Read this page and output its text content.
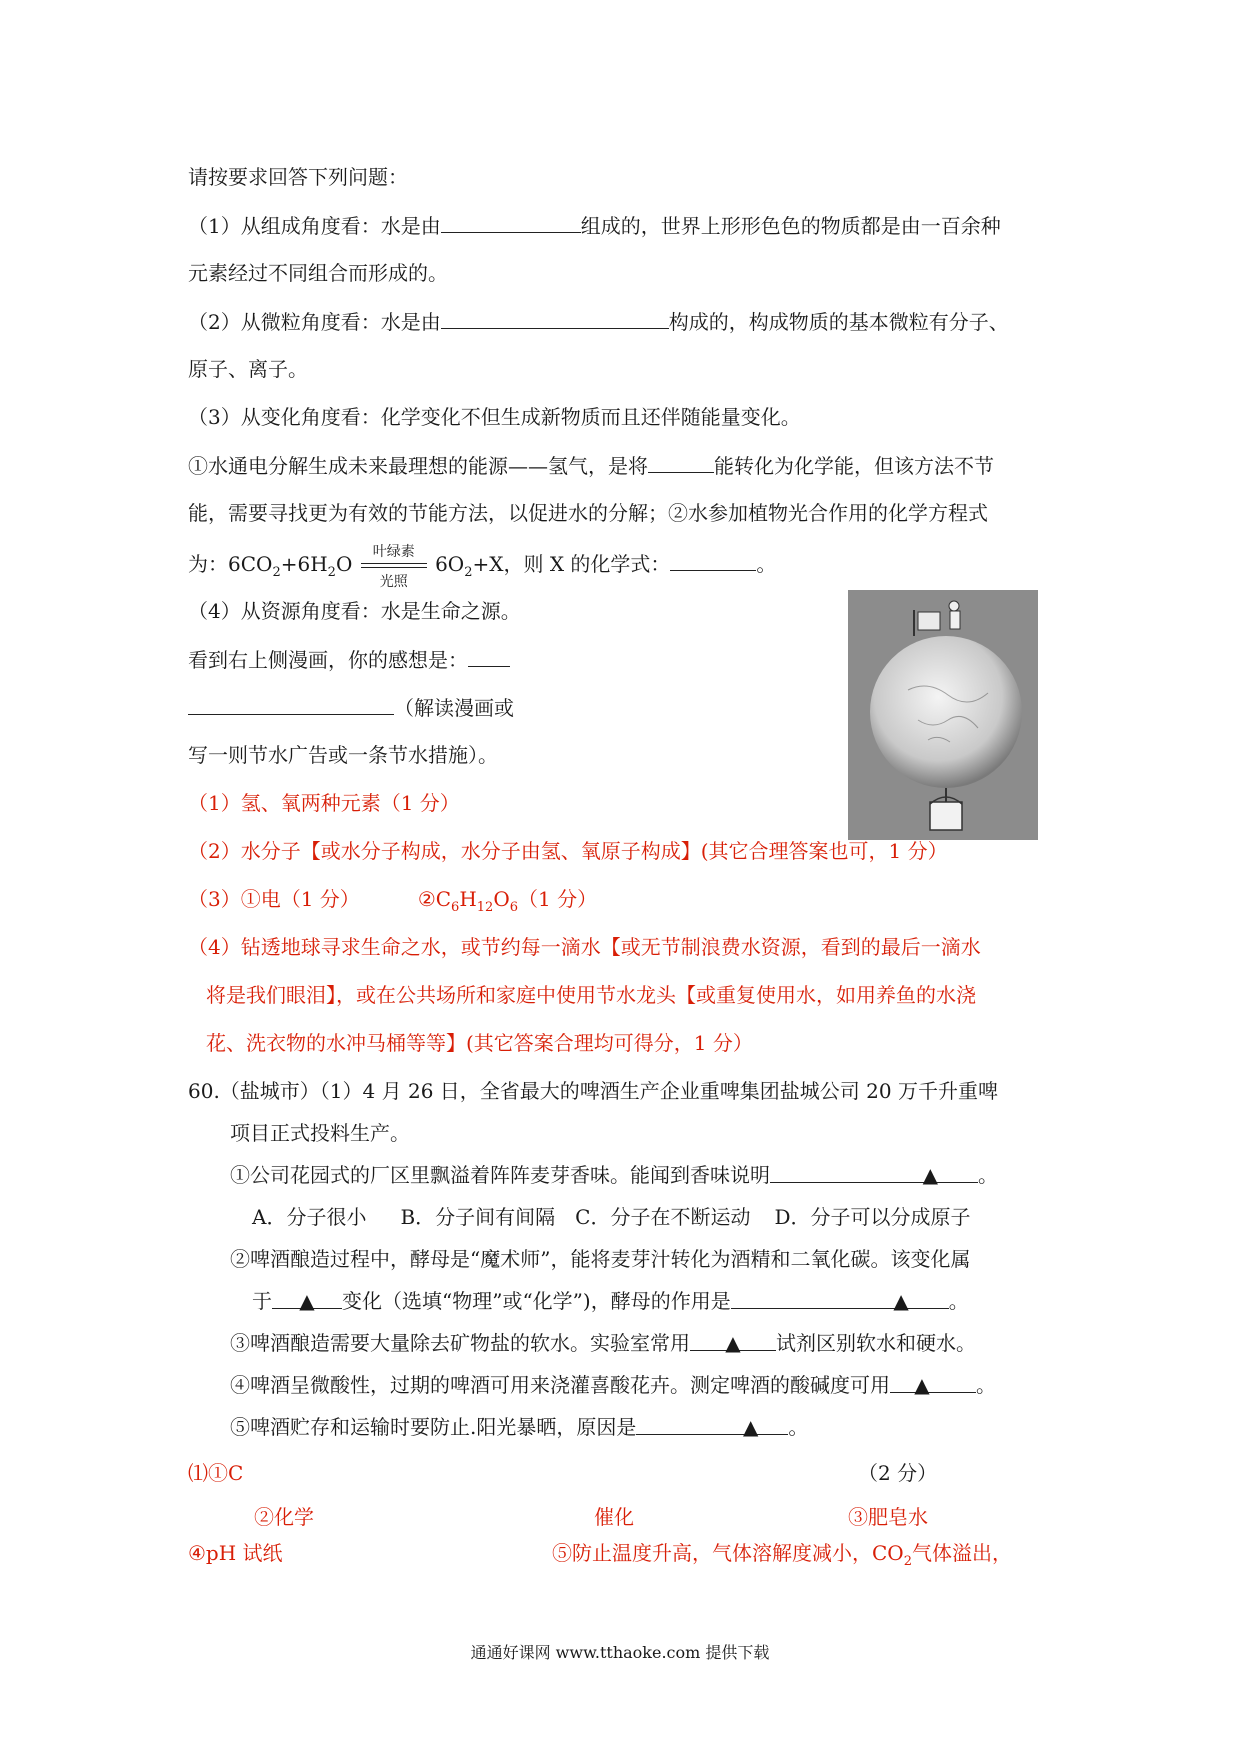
请按要求回答下列问题：
（1）从组成角度看：水是由	组成的，世界上形形色色的物质都是由一百余种
元素经过不同组合而形成的。
（2）从微粒角度看：水是由	构成的，构成物质的基本微粒有分子、
原子、离子。
（3）从变化角度看：化学变化不但生成新物质而且还伴随能量变化。
①水通电分解生成未来最理想的能源——氢气，是将	能转化为化学能，但该方法不节
能，需要寻找更为有效的节能方法，以促进水的分解；②水参加植物光合作用的化学方程式
为：$6CO_2+6H_2O$
叶绿素
光照
$6O_2+X$，则 X 的化学式：	。
（4）从资源角度看：水是生命之源。
看到右上侧漫画，你的感想是：
（解读漫画或
写一则节水广告或一条节水措施）。
（1）氢、氧两种元素（1 分）
（2）水分子【或水分子构成，水分子由氢、氧原子构成】(其它合理答案也可，1 分）
（3）①电（1 分）	$②C_6H_{12}O_6(1$ 分）
（4）钻透地球寻求生命之水，或节约每一滴水【或无节制浪费水资源，看到的最后一滴水
将是我们眼泪】，或在公共场所和家庭中使用节水龙头【或重复使用水，如用养鱼的水浇
花、洗衣物的水冲马桶等等】(其它答案合理均可得分，1 分）
60.（盐城市）（1）4 月 26 日，全省最大的啤酒生产企业重啤集团盐城公司 20 万千升重啤
项目正式投料生产。
①公司花园式的厂区里飘溢着阵阵麦芽香味。能闻到香味说明	▲ 。
A．分子很小 B．分子间有间隔 C．分子在不断运动 D．分子可以分成原子
②啤酒酿造过程中，酵母是“魔术师”，能将麦芽汁转化为酒精和二氧化碳。该变化属
于 ▲ 变化（选填“物理”或“化学”)，酵母的作用是	▲ 。
③啤酒酿造需要大量除去矿物盐的软水。实验室常用 ▲ 试剂区别软水和硬水。
④啤酒呈微酸性，过期的啤酒可用来浇灌喜酸花卉。测定啤酒的酸碱度可用 ▲ 。
⑤啤酒贮存和运输时要防止.阳光暴晒，原因是	▲ 。
⑴①C	（2 分）
②化学	催化	③肥皂水
④pH 试纸	⑤防止温度升高，气体溶解度减小，$CO_2$气体溢出，
通通好课网 www.tthaoke.com 提供下载
